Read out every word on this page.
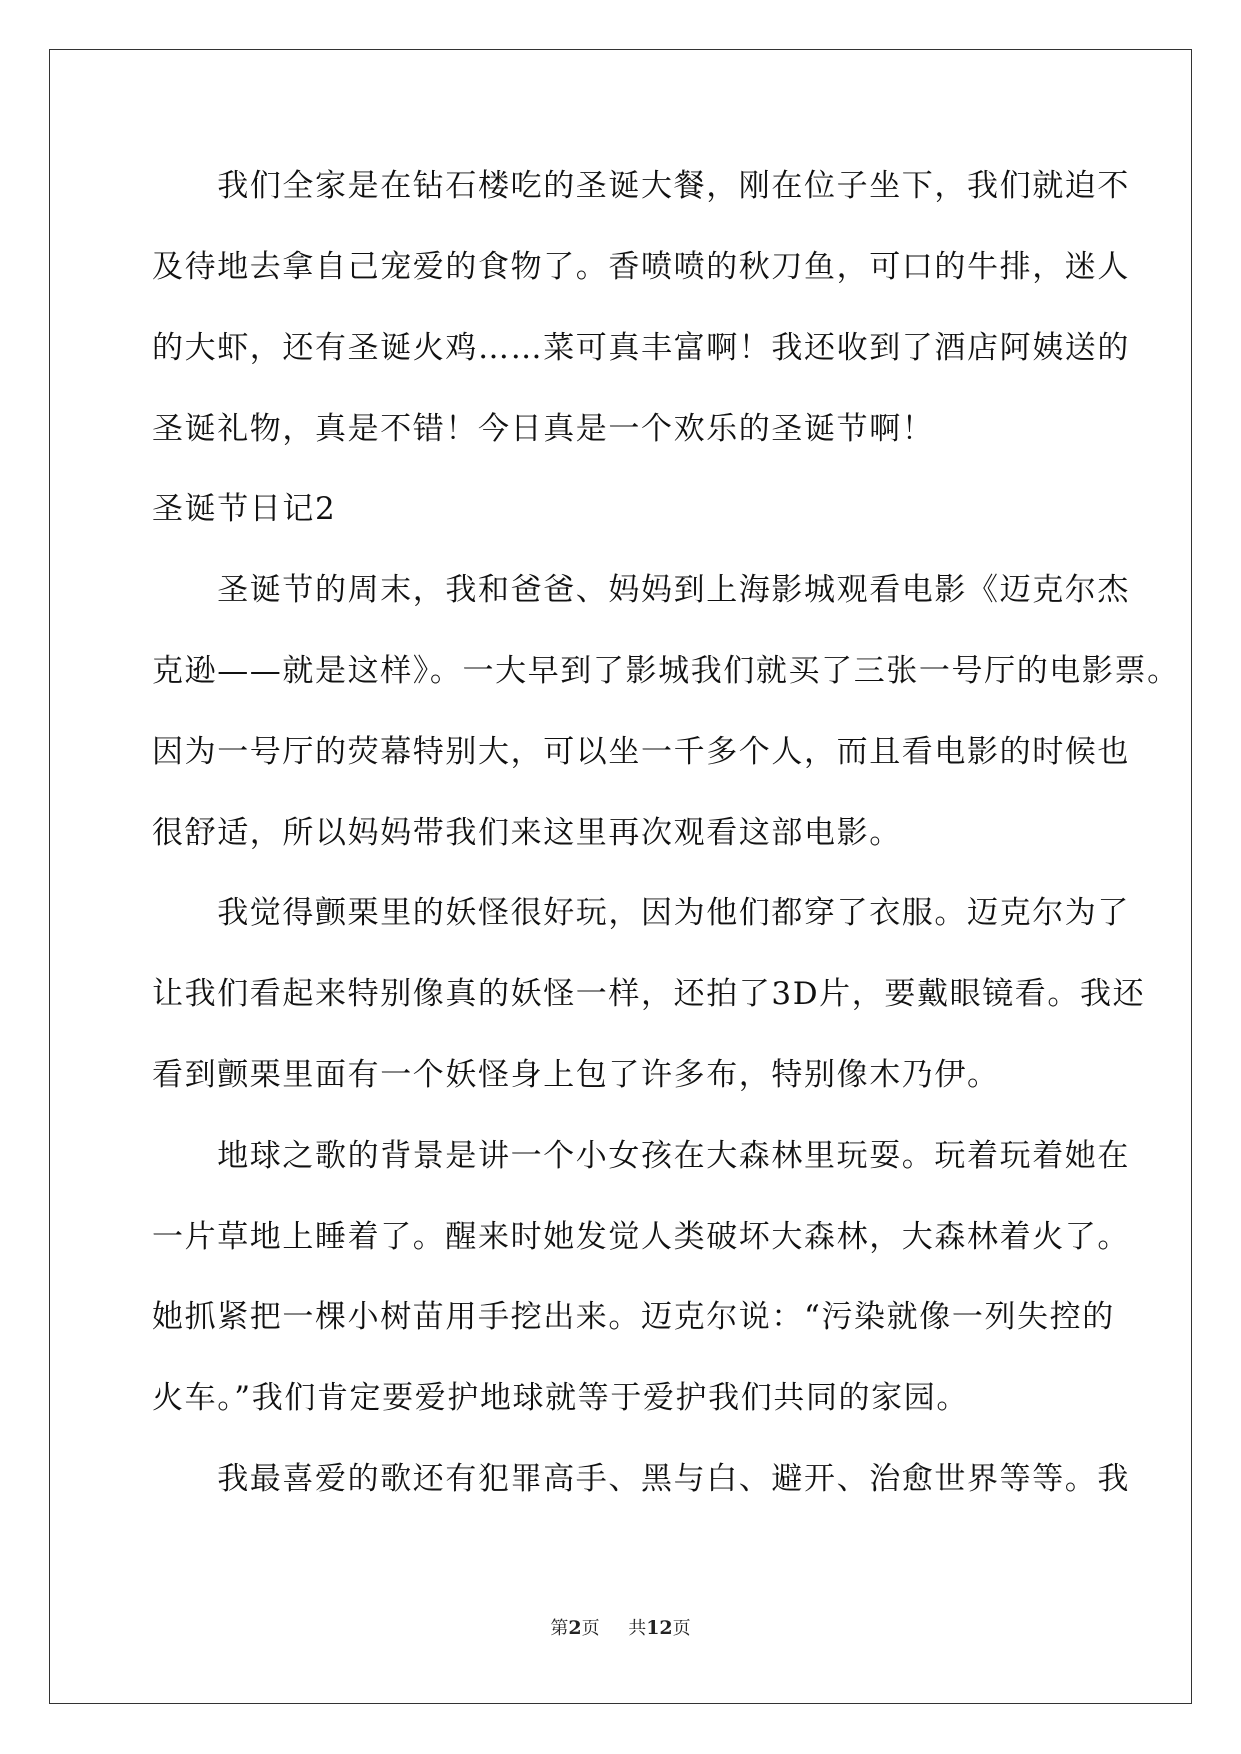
　　我们全家是在钻石楼吃的圣诞大餐，刚在位子坐下，我们就迫不
及待地去拿自己宠爱的食物了。香喷喷的秋刀鱼，可口的牛排，迷人
的大虾，还有圣诞火鸡……菜可真丰富啊！我还收到了酒店阿姨送的
圣诞礼物，真是不错！今日真是一个欢乐的圣诞节啊！
圣诞节日记2
　　圣诞节的周末，我和爸爸、妈妈到上海影城观看电影《迈克尔杰
克逊——就是这样》。一大早到了影城我们就买了三张一号厅的电影票。
因为一号厅的荧幕特别大，可以坐一千多个人，而且看电影的时候也
很舒适，所以妈妈带我们来这里再次观看这部电影。
　　我觉得颤栗里的妖怪很好玩，因为他们都穿了衣服。迈克尔为了
让我们看起来特别像真的妖怪一样，还拍了3D片，要戴眼镜看。我还
看到颤栗里面有一个妖怪身上包了许多布，特别像木乃伊。
　　地球之歌的背景是讲一个小女孩在大森林里玩耍。玩着玩着她在
一片草地上睡着了。醒来时她发觉人类破坏大森林，大森林着火了。
她抓紧把一棵小树苗用手挖出来。迈克尔说：“污染就像一列失控的
火车。”我们肯定要爱护地球就等于爱护我们共同的家园。
　　我最喜爱的歌还有犯罪高手、黑与白、避开、治愈世界等等。我
第2页 共12页
